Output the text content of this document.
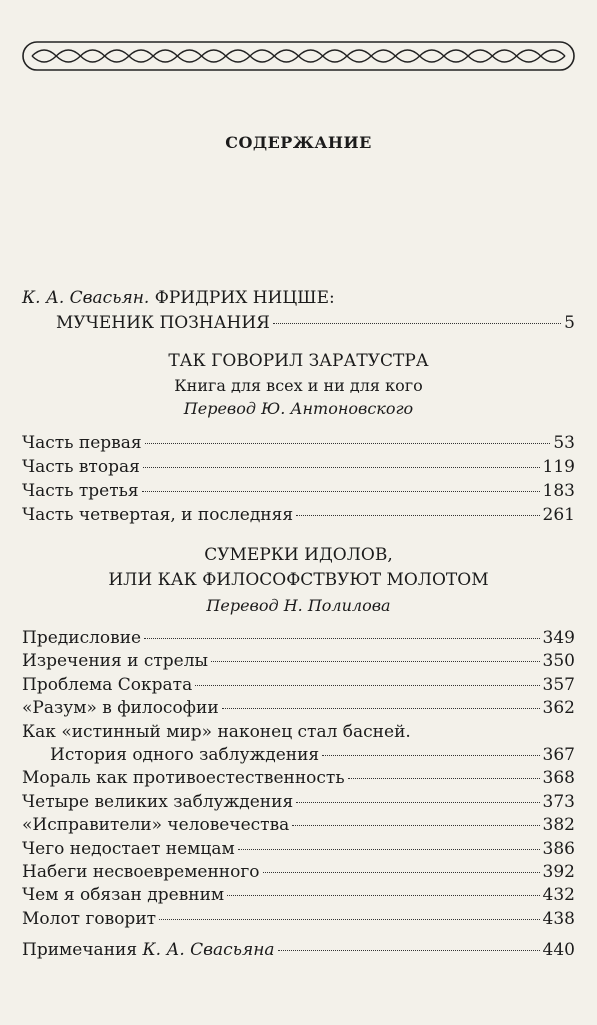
СОДЕРЖАНИЕ
К. А. Свасьян. ФРИДРИХ НИЦШЕ:
МУЧЕНИК ПОЗНАНИЯ	5
ТАК ГОВОРИЛ ЗАРАТУСТРА
Книга для всех и ни для кого
Перевод Ю. Антоновского
Часть первая	53
Часть вторая	119
Часть третья	183
Часть четвертая, и последняя	261
СУМЕРКИ ИДОЛОВ,
ИЛИ КАК ФИЛОСОФСТВУЮТ МОЛОТОМ
Перевод Н. Полилова
Предисловие	349
Изречения и стрелы	350
Проблема Сократа	357
«Разум» в философии	362
Как «истинный мир» наконец стал басней.
История одного заблуждения	367
Мораль как противоестественность	368
Четыре великих заблуждения	373
«Исправители» человечества	382
Чего недостает немцам	386
Набеги несвоевременного	392
Чем я обязан древним	432
Молот говорит	438
Примечания К. А. Свасьяна	440
